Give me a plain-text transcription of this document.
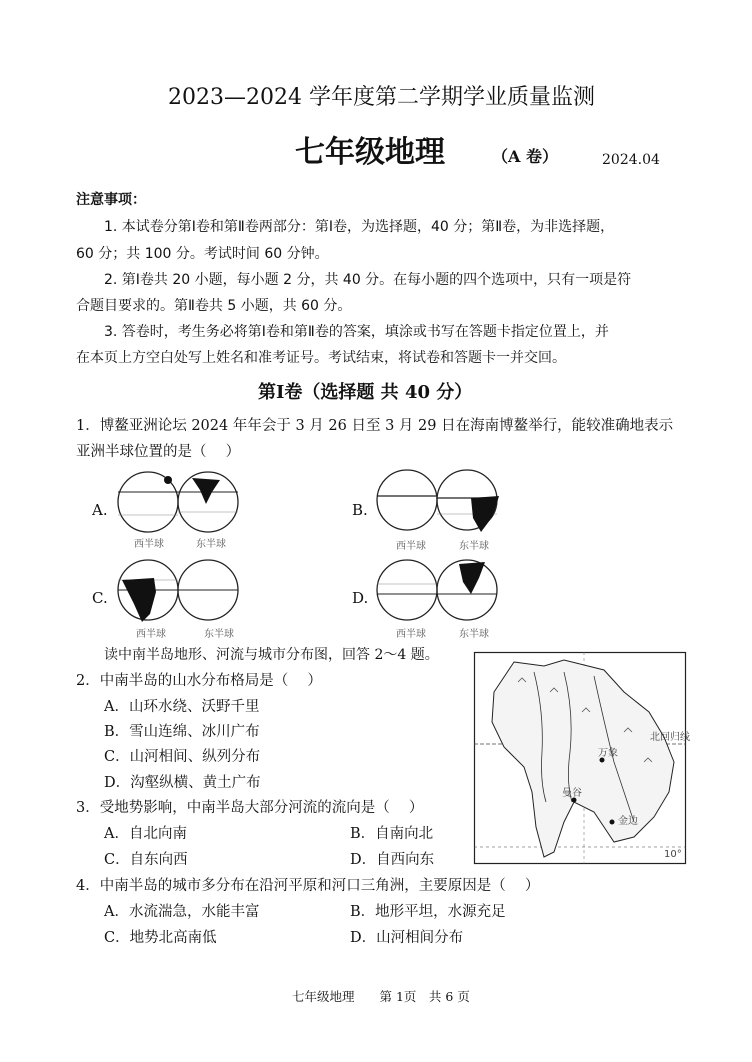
2023—2024 学年度第二学期学业质量监测
七年级地理	（A 卷）	2024.04
注意事项：
1. 本试卷分第Ⅰ卷和第Ⅱ卷两部分：第Ⅰ卷，为选择题，40 分；第Ⅱ卷，为非选择题，
60 分；共 100 分。考试时间 60 分钟。
2. 第Ⅰ卷共 20 小题，每小题 2 分，共 40 分。在每小题的四个选项中，只有一项是符
合题目要求的。第Ⅱ卷共 5 小题，共 60 分。
3. 答卷时，考生务必将第Ⅰ卷和第Ⅱ卷的答案，填涂或书写在答题卡指定位置上，并
在本页上方空白处写上姓名和准考证号。考试结束，将试卷和答题卡一并交回。
第Ⅰ卷（选择题 共 40 分）
1．博鳌亚洲论坛 2024 年年会于 3 月 26 日至 3 月 29 日在海南博鳌举行，能较准确地表示
亚洲半球位置的是（　 ）
A.
西半球	东半球
B.
西半球	东半球
C.
西半球	东半球
D.
西半球	东半球
读中南半岛地形、河流与城市分布图，回答 2～4 题。
北回归线
万象
曼谷
金边
10°
2．中南半岛的山水分布格局是（　 ）
A．山环水绕、沃野千里
B．雪山连绵、冰川广布
C．山河相间、纵列分布
D．沟壑纵横、黄土广布
3．受地势影响，中南半岛大部分河流的流向是（　 ）
A．自北向南	B．自南向北
C．自东向西	D．自西向东
4．中南半岛的城市多分布在沿河平原和河口三角洲，主要原因是（　 ）
A．水流湍急，水能丰富	B．地形平坦，水源充足
C．地势北高南低	D．山河相间分布
七年级地理　　第 1页　共 6 页
